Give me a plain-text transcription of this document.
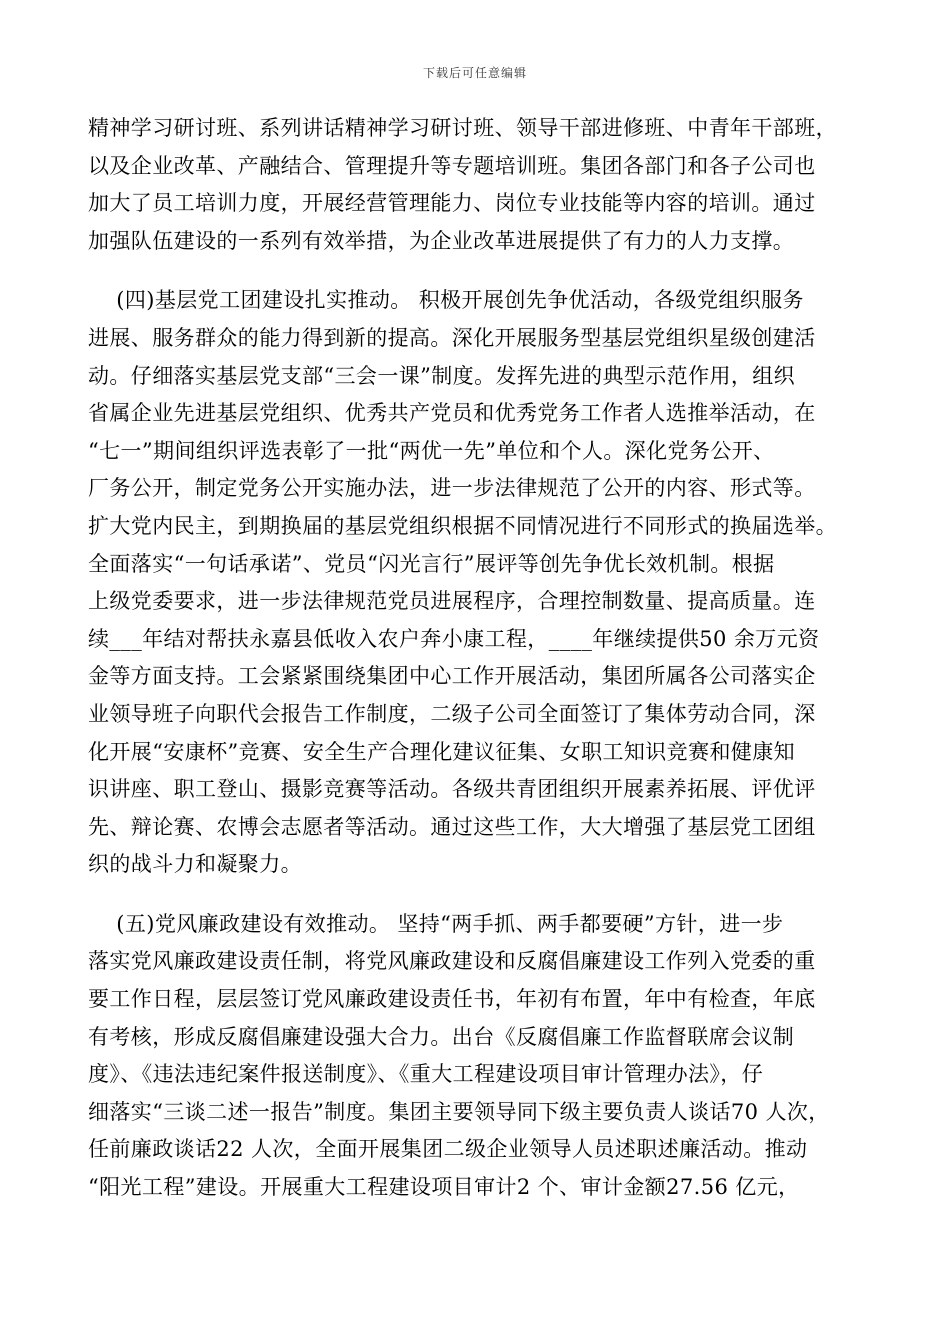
下载后可任意编辑
精神学习研讨班、系列讲话精神学习研讨班、领导干部进修班、中青年干部班，
以及企业改革、产融结合、管理提升等专题培训班。集团各部门和各子公司也
加大了员工培训力度，开展经营管理能力、岗位专业技能等内容的培训。通过
加强队伍建设的一系列有效举措，为企业改革进展提供了有力的人力支撑。
(四)基层党工团建设扎实推动。 积极开展创先争优活动，各级党组织服务
进展、服务群众的能力得到新的提高。深化开展服务型基层党组织星级创建活
动。仔细落实基层党支部“三会一课”制度。发挥先进的典型示范作用，组织
省属企业先进基层党组织、优秀共产党员和优秀党务工作者人选推举活动，在
“七一”期间组织评选表彰了一批“两优一先”单位和个人。深化党务公开、
厂务公开，制定党务公开实施办法，进一步法律规范了公开的内容、形式等。
扩大党内民主，到期换届的基层党组织根据不同情况进行不同形式的换届选举。
全面落实“一句话承诺”、党员“闪光言行”展评等创先争优长效机制。根据
上级党委要求，进一步法律规范党员进展程序，合理控制数量、提高质量。连
续___年结对帮扶永嘉县低收入农户奔小康工程，____年继续提供50 余万元资
金等方面支持。工会紧紧围绕集团中心工作开展活动，集团所属各公司落实企
业领导班子向职代会报告工作制度，二级子公司全面签订了集体劳动合同，深
化开展“安康杯”竞赛、安全生产合理化建议征集、女职工知识竞赛和健康知
识讲座、职工登山、摄影竞赛等活动。各级共青团组织开展素养拓展、评优评
先、辩论赛、农博会志愿者等活动。通过这些工作，大大增强了基层党工团组
织的战斗力和凝聚力。
(五)党风廉政建设有效推动。 坚持“两手抓、两手都要硬”方针，进一步
落实党风廉政建设责任制，将党风廉政建设和反腐倡廉建设工作列入党委的重
要工作日程，层层签订党风廉政建设责任书，年初有布置，年中有检查，年底
有考核，形成反腐倡廉建设强大合力。出台《反腐倡廉工作监督联席会议制
度》、《违法违纪案件报送制度》、《重大工程建设项目审计管理办法》，仔
细落实“三谈二述一报告”制度。集团主要领导同下级主要负责人谈话70 人次，
任前廉政谈话22 人次，全面开展集团二级企业领导人员述职述廉活动。推动
“阳光工程”建设。开展重大工程建设项目审计2 个、审计金额27.56 亿元，
